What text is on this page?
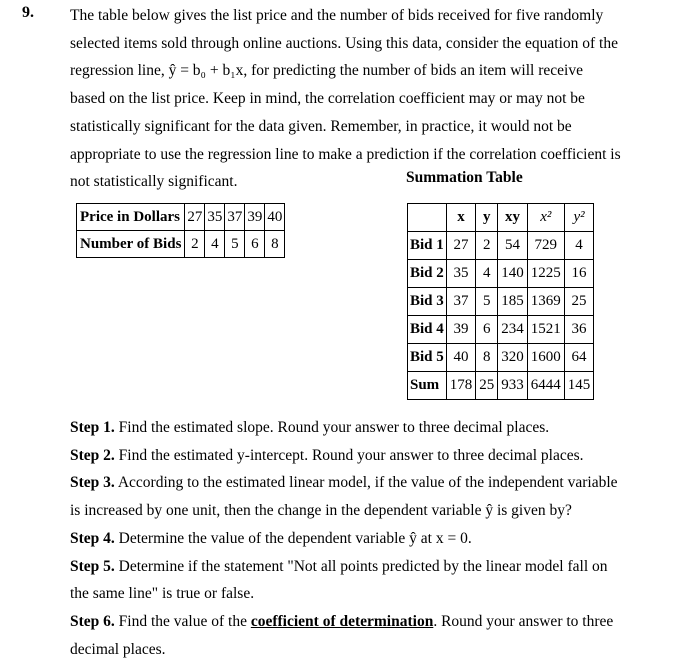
9. The table below gives the list price and the number of bids received for five randomly
selected items sold through online auctions. Using this data, consider the equation of the
regression line, ŷ = b₀ + b₁x, for predicting the number of bids an item will receive
based on the list price. Keep in mind, the correlation coefficient may or may not be
statistically significant for the data given. Remember, in practice, it would not be
appropriate to use the regression line to make a prediction if the correlation coefficient is
not statistically significant.	Summation Table
Price in Dollars	27	35	37	39	40
Number of Bids	2	4	5	6	8
	x	y	xy	x²	y²
Bid 1	27	2	54	729	4
Bid 2	35	4	140	1225	16
Bid 3	37	5	185	1369	25
Bid 4	39	6	234	1521	36
Bid 5	40	8	320	1600	64
Sum	178	25	933	6444	145
Step 1. Find the estimated slope. Round your answer to three decimal places.
Step 2. Find the estimated y-intercept. Round your answer to three decimal places.
Step 3. According to the estimated linear model, if the value of the independent variable
is increased by one unit, then the change in the dependent variable ŷ is given by?
Step 4. Determine the value of the dependent variable ŷ at x = 0.
Step 5. Determine if the statement "Not all points predicted by the linear model fall on
the same line" is true or false.
Step 6. Find the value of the coefficient of determination. Round your answer to three
decimal places.
